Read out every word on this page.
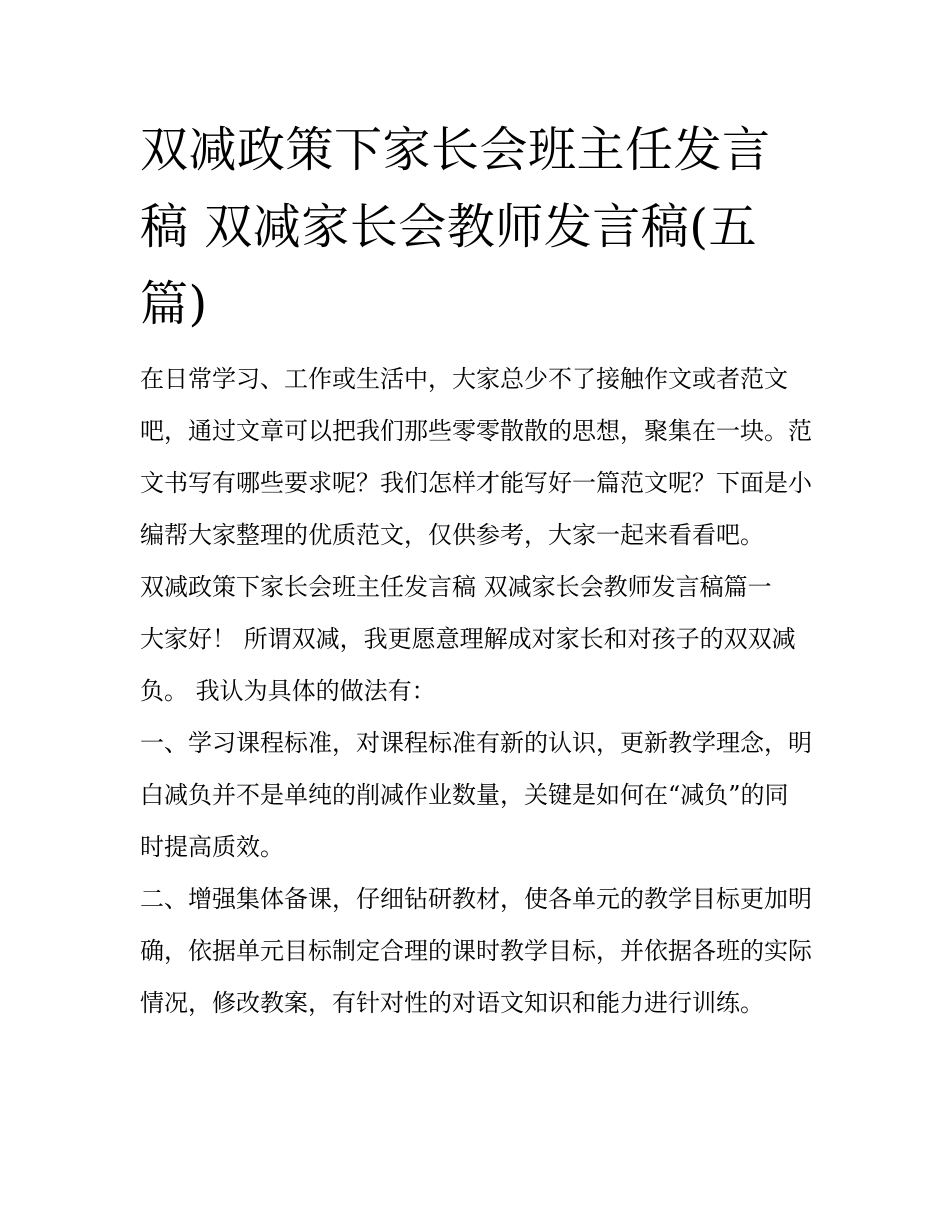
双减政策下家长会班主任发言稿 双减家长会教师发言稿(五篇)

在日常学习、工作或生活中，大家总少不了接触作文或者范文吧，通过文章可以把我们那些零零散散的思想，聚集在一块。范文书写有哪些要求呢？我们怎样才能写好一篇范文呢？下面是小编帮大家整理的优质范文，仅供参考，大家一起来看看吧。

双减政策下家长会班主任发言稿 双减家长会教师发言稿篇一

大家好！ 所谓双减，我更愿意理解成对家长和对孩子的双双减负。 我认为具体的做法有：

一、学习课程标准，对课程标准有新的认识，更新教学理念，明白减负并不是单纯的削减作业数量，关键是如何在“减负”的同时提高质效。

二、增强集体备课，仔细钻研教材，使各单元的教学目标更加明确，依据单元目标制定合理的课时教学目标，并依据各班的实际情况，修改教案，有针对性的对语文知识和能力进行训练。
